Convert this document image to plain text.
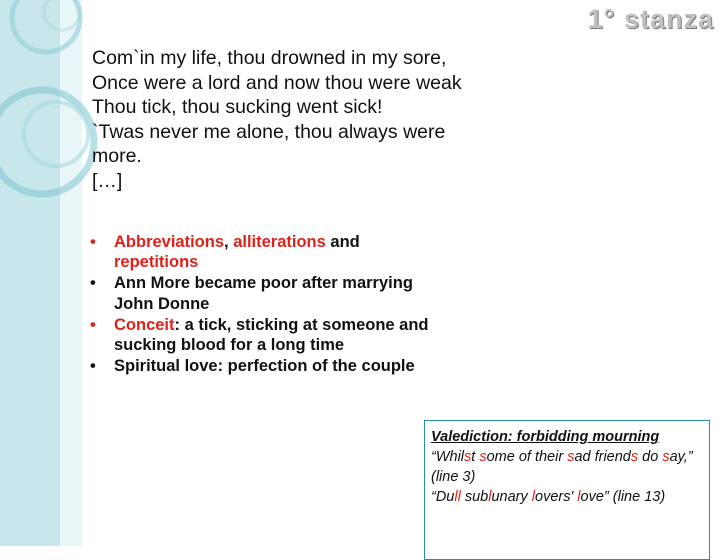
1° stanza
Com`in my life, thou drowned in my sore,
Once were a lord and now thou were weak
Thou tick, thou sucking went sick!
`Twas never me alone, thou always were
more.
[…]
• Abbreviations, alliterations and repetitions
• Ann More became poor after marrying John Donne
• Conceit: a tick, sticking at someone and sucking blood for a long time
• Spiritual love: perfection of the couple
Valediction: forbidding mourning
“Whilst some of their sad friends do say,” (line 3)
“Dull sublunary lovers' love” (line 13)
